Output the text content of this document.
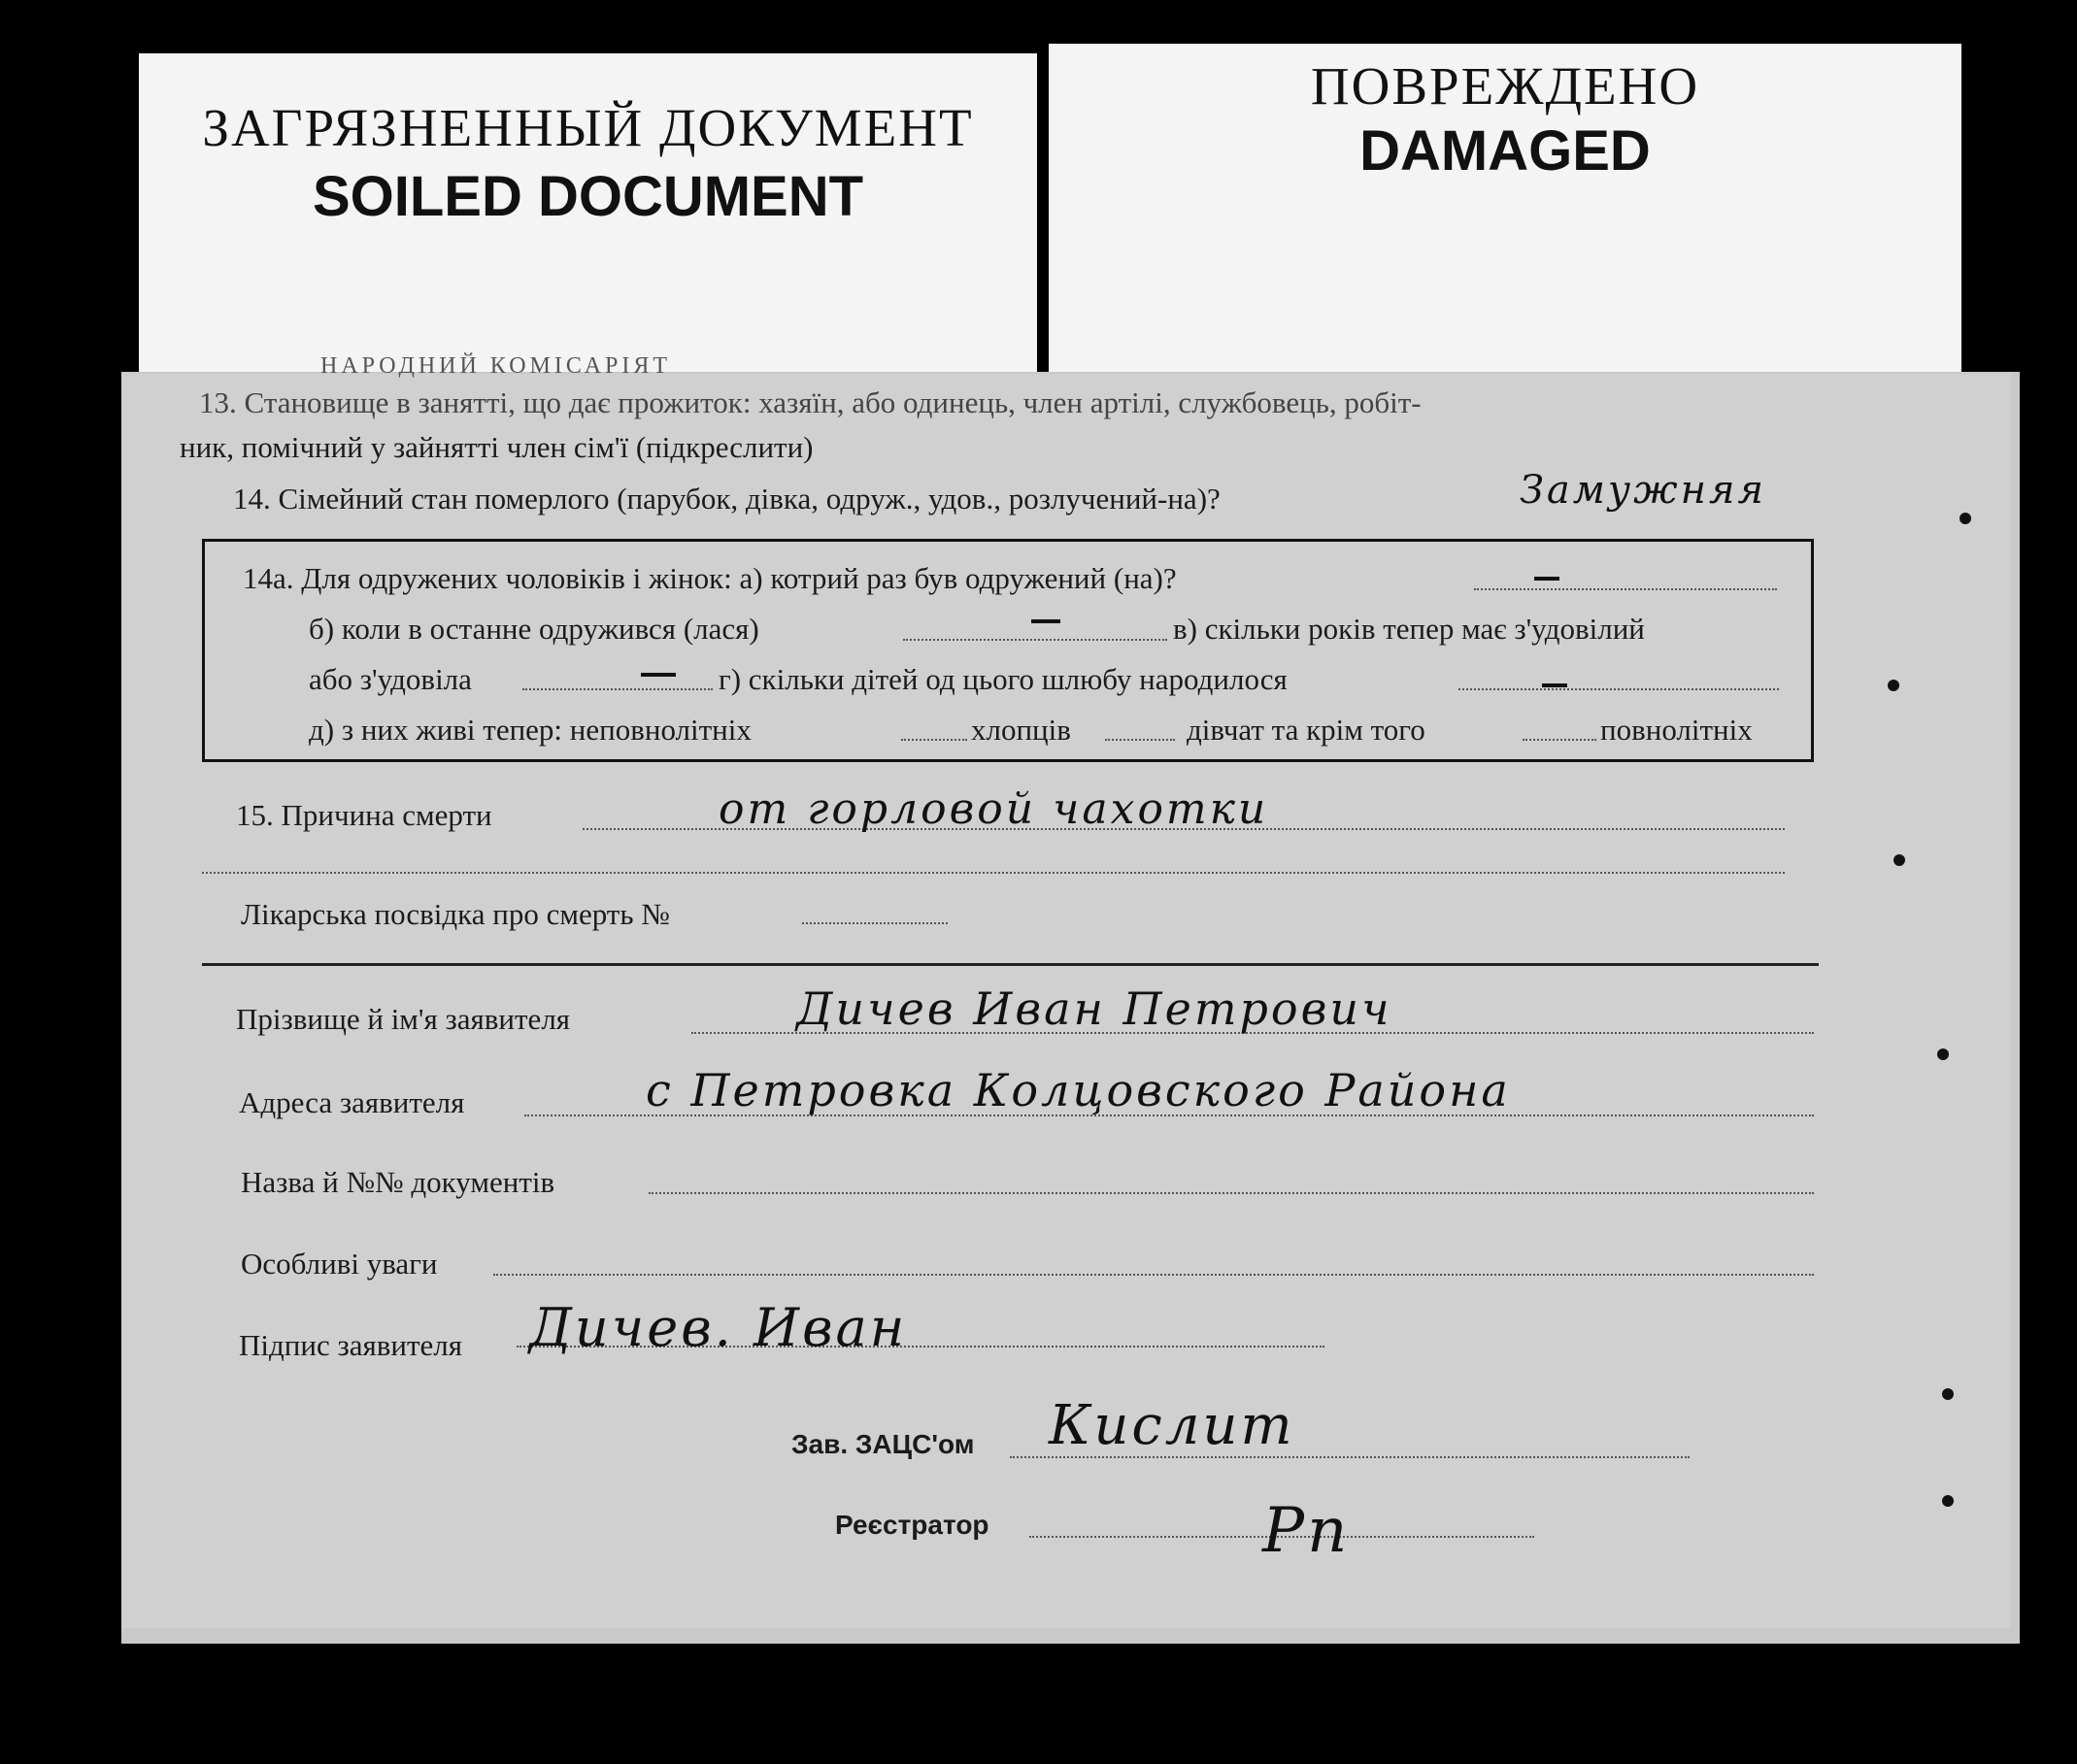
ЗАГРЯЗНЕННЫЙ ДОКУМЕНТ
SOILED DOCUMENT
ПОВРЕЖДЕНО
DAMAGED
НАРОДНИЙ КОМІСАРІЯТ
13. Становище в занятті, що дає прожиток: хазяїн, або одинець, член артілі, службовець, робіт-
ник, помічний у зайнятті член сім'ї (підкреслити)
14. Сімейний стан померлого (парубок, дівка, одруж., удов., розлучений-на)?	Замужняя
14а. Для одружених чоловіків і жінок: а) котрий раз був одружений (на)?
б) коли в останне одружився (лася)	в) скільки років тепер має з'удовілий
або з'удовіла	г) скільки дітей од цього шлюбу народилося
д) з них живі тепер: неповнолітніх	хлопців	дівчат та крім того	повнолітніх
15. Причина смерти	от горловой чахотки
Лікарська посвідка про смерть №
Прізвище й ім'я заявителя	Дичев Иван Петрович
Адреса заявителя	с Петровка Колцовского Района
Назва й №№ документів
Особливі уваги
Підпис заявителя Дичев. Иван
Зав. ЗАЦС'ом Кислит
Реєстратор	Рп
